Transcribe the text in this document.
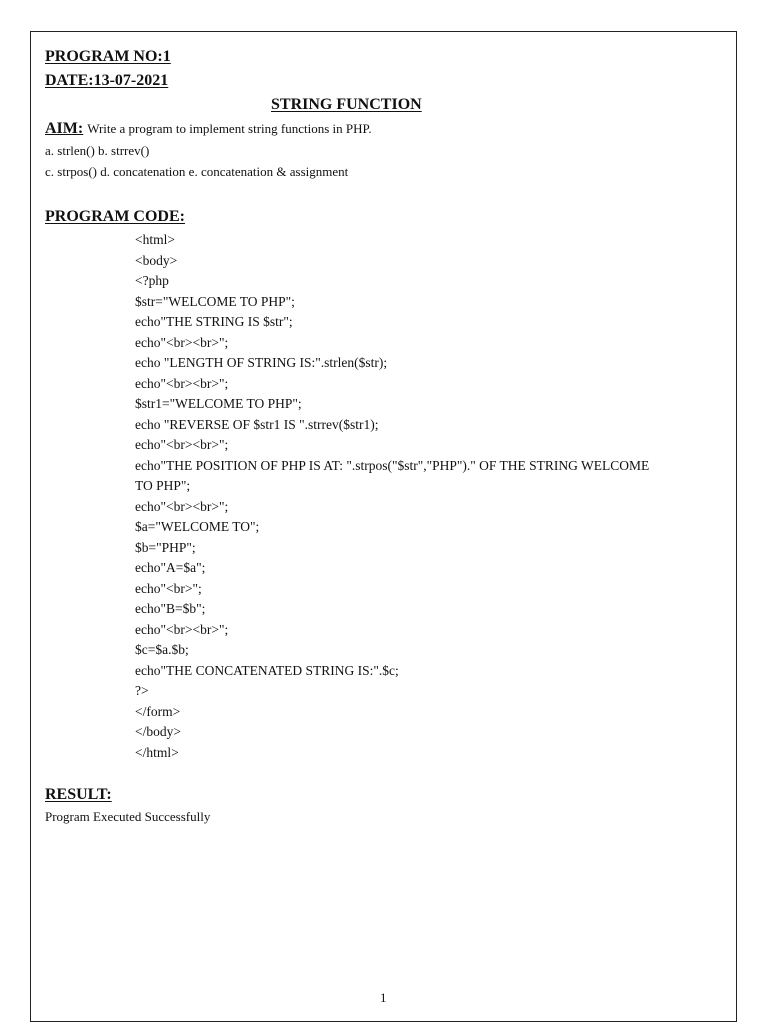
PROGRAM NO:1
DATE:13-07-2021
STRING FUNCTION
AIM: Write a program to implement string functions in PHP.
a. strlen() b. strrev()
c. strpos() d. concatenation e. concatenation & assignment
PROGRAM CODE:
<html>
<body>
<?php
$str="WELCOME TO PHP";
echo"THE STRING IS $str";
echo"<br><br>";
echo "LENGTH OF STRING IS:".strlen($str);
echo"<br><br>";
$str1="WELCOME TO PHP";
echo "REVERSE OF $str1 IS ".strrev($str1);
echo"<br><br>";
echo"THE POSITION OF PHP IS AT: ".strpos("$str","PHP")." OF THE STRING WELCOME
TO PHP";
echo"<br><br>";
$a="WELCOME TO";
$b="PHP";
echo"A=$a";
echo"<br>";
echo"B=$b";
echo"<br><br>";
$c=$a.$b;
echo"THE CONCATENATED STRING IS:".$c;
?>
</form>
</body>
</html>
RESULT:
Program Executed Successfully
1
